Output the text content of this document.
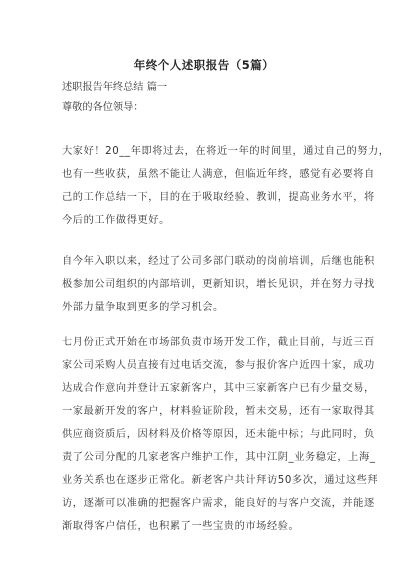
年终个人述职报告（5篇）
述职报告年终总结 篇一
尊敬的各位领导：
大家好！20__年即将过去，在将近一年的时间里，通过自己的努力，
也有一些收获，虽然不能让人满意，但临近年终，感觉有必要将自
己的工作总结一下，目的在于吸取经验、教训，提高业务水平，将
今后的工作做得更好。
自今年入职以来，经过了公司多部门联动的岗前培训，后继也能积
极参加公司组织的内部培训，更新知识，增长见识，并在努力寻找
外部力量争取到更多的学习机会。
七月份正式开始在市场部负责市场开发工作，截止目前，与近三百
家公司采购人员直接有过电话交流，参与报价客户近四十家，成功
达成合作意向并登计五家新客户，其中三家新客户已有少量交易，
一家最新开发的客户，材料验证阶段，暂未交易，还有一家取得其
供应商资质后，因材料及价格等原因，还未能中标；与此同时，负
责了公司分配的几家老客户维护工作，其中江阴_业务稳定，上海_
业务关系也在逐步正常化。新老客户共计拜访50多次，通过这些拜
访，逐渐可以准确的把握客户需求，能良好的与客户交流，并能逐
渐取得客户信任，也积累了一些宝贵的市场经验。
